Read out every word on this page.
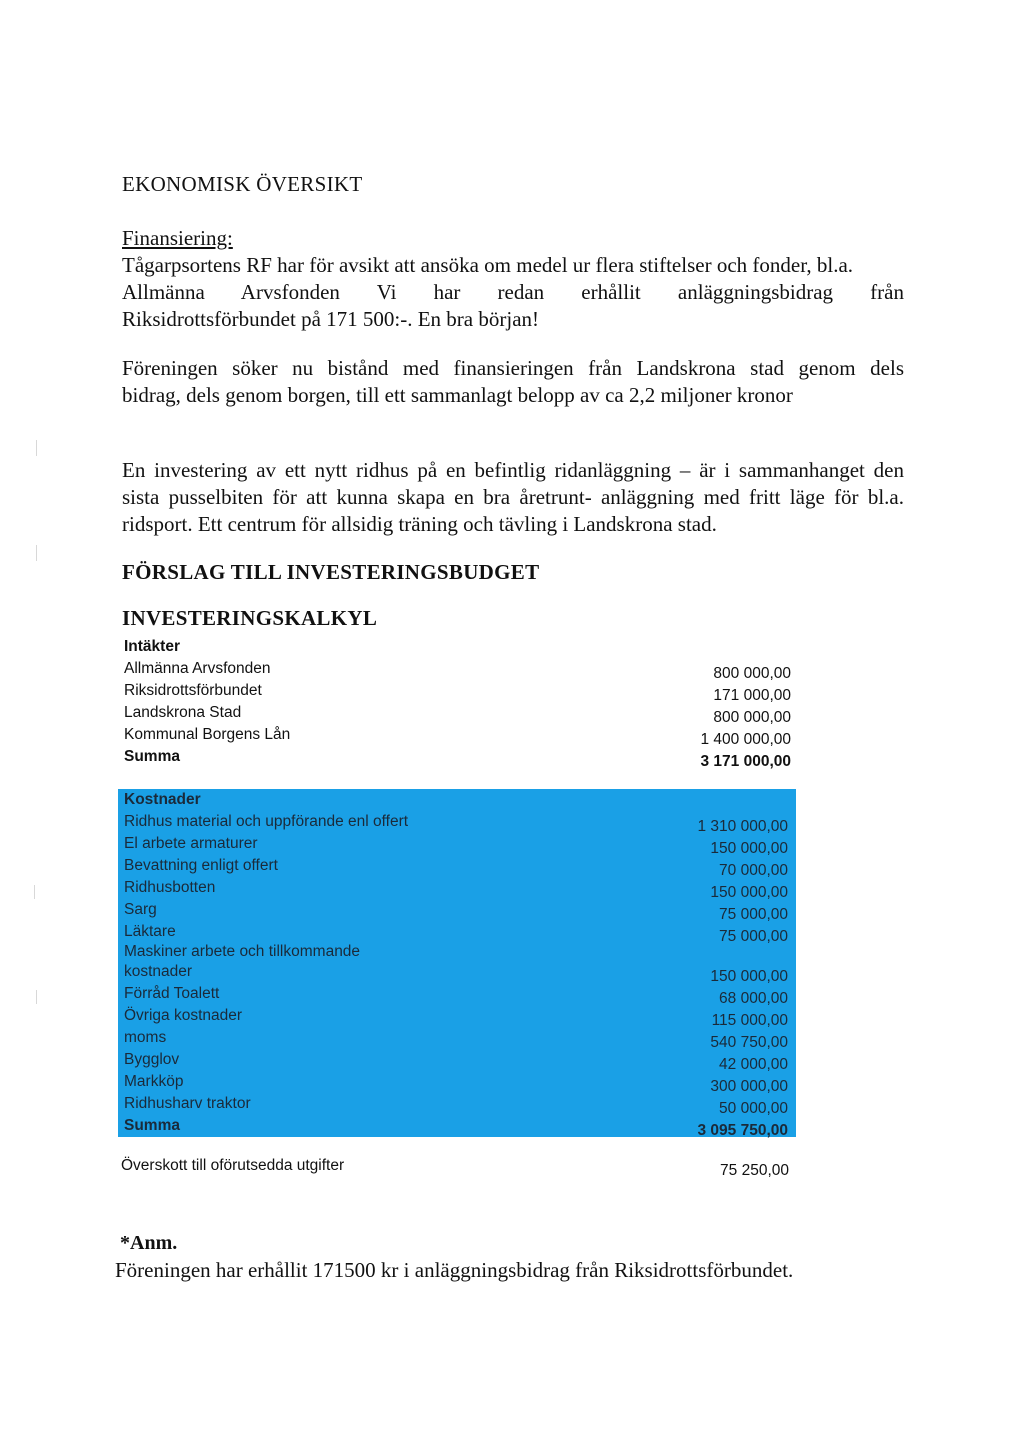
EKONOMISK ÖVERSIKT
Finansiering:
Tågarpsortens RF har för avsikt att ansöka om medel ur flera stiftelser och fonder, bl.a.
Allmänna Arvsfonden Vi har redan erhållit anläggningsbidrag från
Riksidrottsförbundet på 171 500:-. En bra början!
Föreningen söker nu bistånd med finansieringen från Landskrona stad genom dels
bidrag, dels genom borgen, till ett sammanlagt belopp av ca 2,2 miljoner kronor
En investering av ett nytt ridhus på en befintlig ridanläggning – är i sammanhanget den
sista pusselbiten för att kunna skapa en bra åretrunt- anläggning med fritt läge för bl.a.
ridsport. Ett centrum för allsidig träning och tävling i Landskrona stad.
FÖRSLAG TILL INVESTERINGSBUDGET
INVESTERINGSKALKYL
Intäkter
Allmänna Arvsfonden	800 000,00
Riksidrottsförbundet	171 000,00
Landskrona Stad	800 000,00
Kommunal Borgens Lån	1 400 000,00
Summa	3 171 000,00
Kostnader
Ridhus material och uppförande enl offert	1 310 000,00
El arbete armaturer	150 000,00
Bevattning enligt offert	70 000,00
Ridhusbotten	150 000,00
Sarg	75 000,00
Läktare	75 000,00
Maskiner arbete och tillkommande
kostnader	150 000,00
Förråd Toalett	68 000,00
Övriga kostnader	115 000,00
moms	540 750,00
Bygglov	42 000,00
Markköp	300 000,00
Ridhusharv traktor	50 000,00
Summa	3 095 750,00
Överskott till oförutsedda utgifter	75 250,00
*Anm.
Föreningen har erhållit 171500 kr i anläggningsbidrag från Riksidrottsförbundet.
